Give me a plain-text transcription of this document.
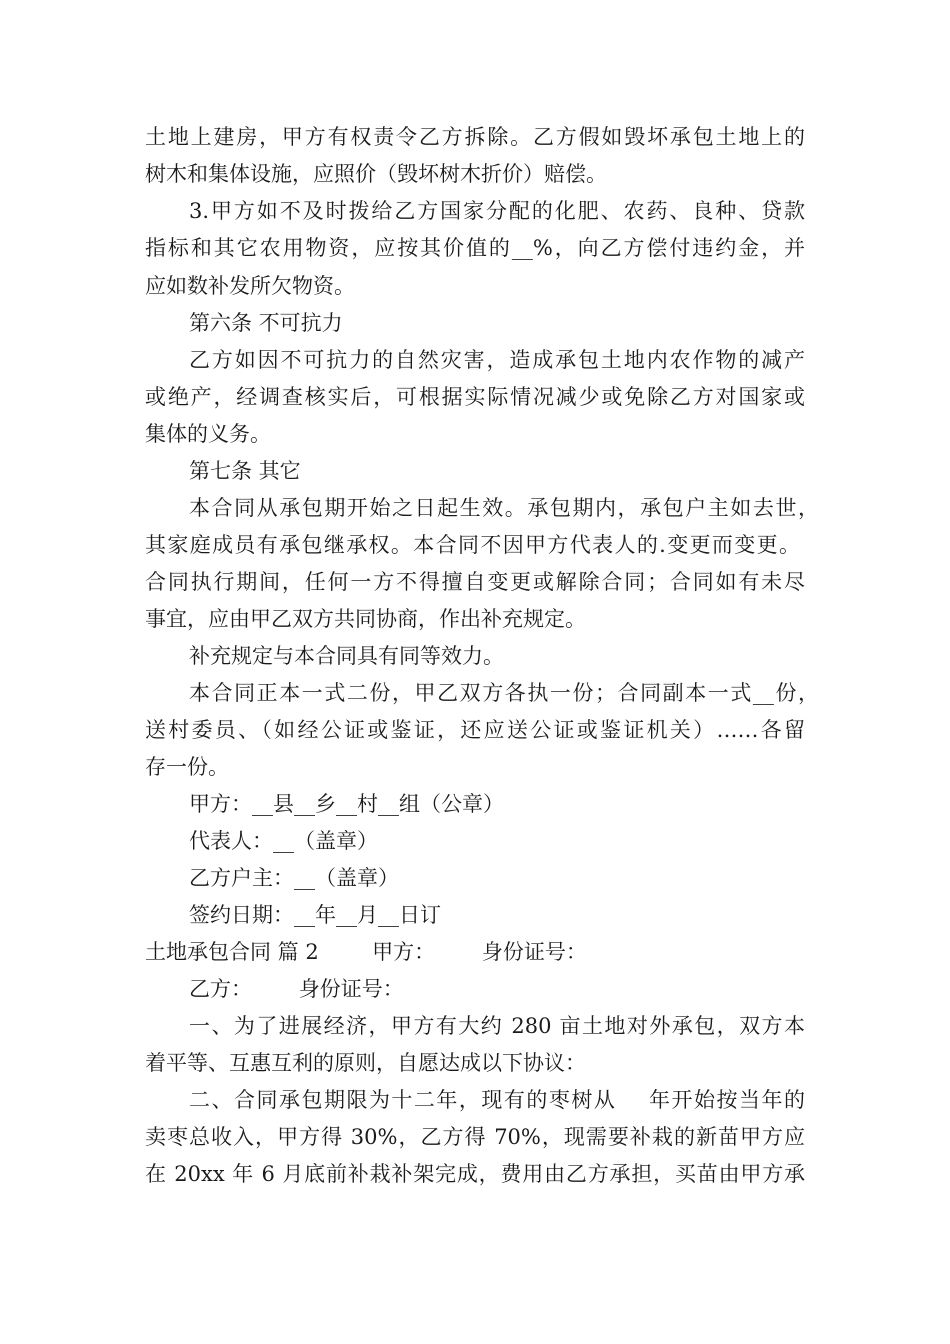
土地上建房，甲方有权责令乙方拆除。乙方假如毁坏承包土地上的
树木和集体设施，应照价（毁坏树木折价）赔偿。
3.甲方如不及时拨给乙方国家分配的化肥、农药、良种、贷款
指标和其它农用物资，应按其价值的__%，向乙方偿付违约金，并
应如数补发所欠物资。
第六条 不可抗力
乙方如因不可抗力的自然灾害，造成承包土地内农作物的减产
或绝产，经调查核实后，可根据实际情况减少或免除乙方对国家或
集体的义务。
第七条 其它
本合同从承包期开始之日起生效。承包期内，承包户主如去世，
其家庭成员有承包继承权。本合同不因甲方代表人的.变更而变更。
合同执行期间，任何一方不得擅自变更或解除合同；合同如有未尽
事宜，应由甲乙双方共同协商，作出补充规定。
补充规定与本合同具有同等效力。
本合同正本一式二份，甲乙双方各执一份；合同副本一式__份，
送村委员、（如经公证或鉴证，还应送公证或鉴证机关）……各留
存一份。
甲方：__县__乡__村__组（公章）
代表人：__（盖章）
乙方户主：__（盖章）
签约日期：__年__月__日订
土地承包合同 篇 2        甲方：       身份证号：
乙方：       身份证号：
一、为了进展经济，甲方有大约 280 亩土地对外承包，双方本
着平等、互惠互利的原则，自愿达成以下协议：
二、合同承包期限为十二年，现有的枣树从    年开始按当年的
卖枣总收入，甲方得 30%，乙方得 70%，现需要补栽的新苗甲方应
在 20xx 年 6 月底前补栽补架完成，费用由乙方承担，买苗由甲方承
